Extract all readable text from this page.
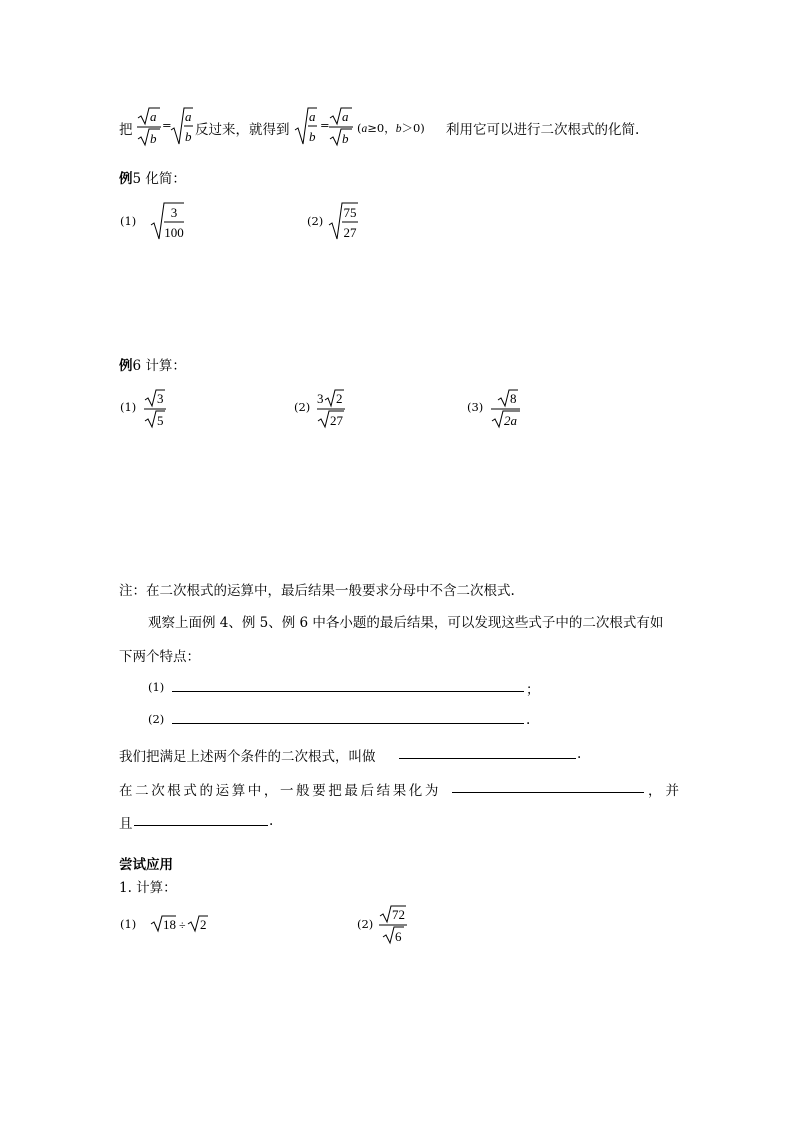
把
a
b
=
a
b 反过来，就得到
a
b
=
a
b
(a≥0，b＞0) 利用它可以进行二次根式的化简.
例5 化简：
(1)
3
100
(2)
75
27
例6 计算：
(1)
3
5
(2)
3 2
27
(3)
8
2a
注：在二次根式的运算中，最后结果一般要求分母中不含二次根式.
观察上面例 4、例 5、例 6 中各小题的最后结果，可以发现这些式子中的二次根式有如
下两个特点：
(1)	；
(2)	.
我们把满足上述两个条件的二次根式，叫做	.
在二次根式的运算中，一般要把最后结果化为	，并
且	.
尝试应用
1. 计算：
(1) 18 ÷ 2	(2)
72
6
